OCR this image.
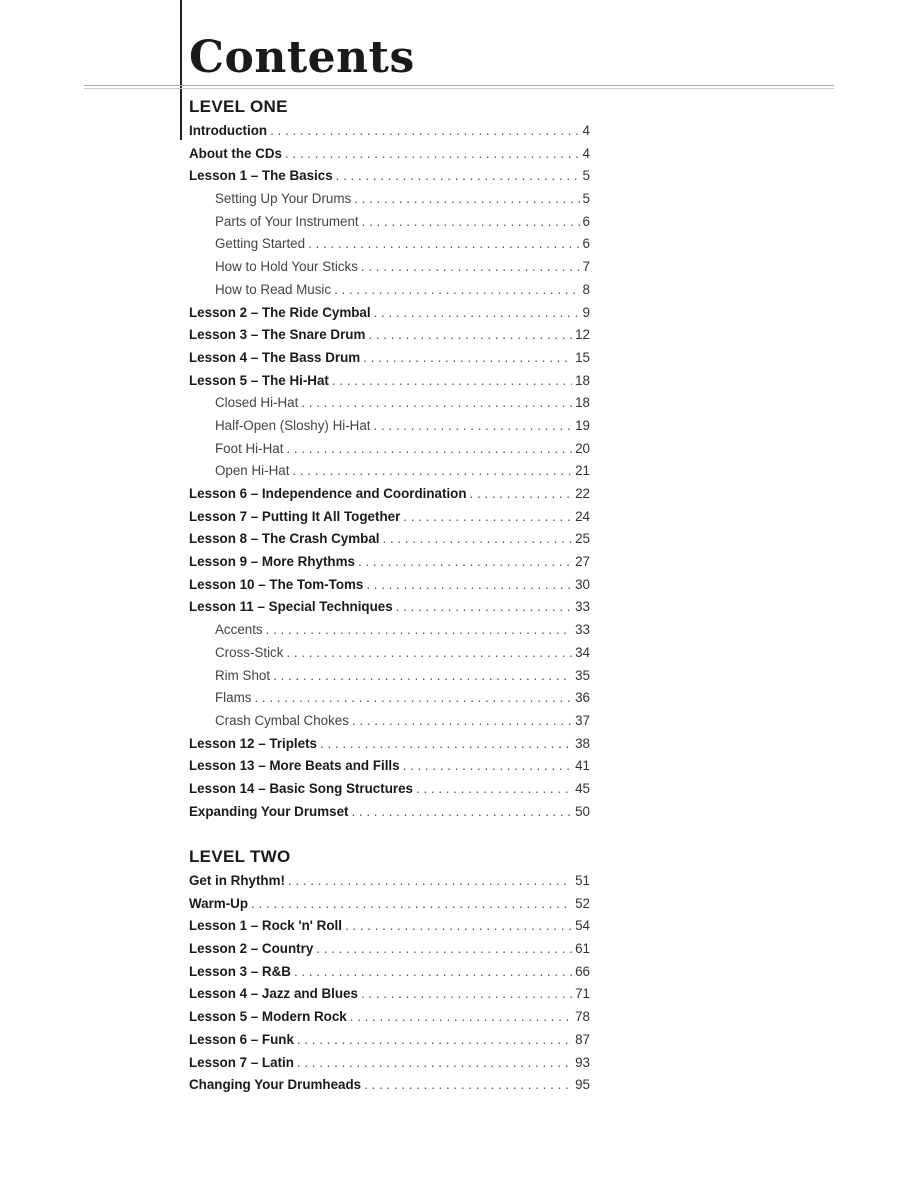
Contents
LEVEL ONE
Introduction . . .	4
About the CDs . . .	4
Lesson 1 – The Basics . . .	5
Setting Up Your Drums . . .	5
Parts of Your Instrument . . .	6
Getting Started . . .	6
How to Hold Your Sticks . . .	7
How to Read Music . . .	8
Lesson 2 – The Ride Cymbal . . .	9
Lesson 3 – The Snare Drum . . .	12
Lesson 4 – The Bass Drum . . .	15
Lesson 5 – The Hi-Hat . . .	18
Closed Hi-Hat . . .	18
Half-Open (Sloshy) Hi-Hat . . .	19
Foot Hi-Hat . . .	20
Open Hi-Hat . . .	21
Lesson 6 – Independence and Coordination . . .	22
Lesson 7 – Putting It All Together . . .	24
Lesson 8 – The Crash Cymbal . . .	25
Lesson 9 – More Rhythms . . .	27
Lesson 10 – The Tom-Toms . . .	30
Lesson 11 – Special Techniques . . .	33
Accents . . .	33
Cross-Stick . . .	34
Rim Shot . . .	35
Flams . . .	36
Crash Cymbal Chokes . . .	37
Lesson 12 – Triplets . . .	38
Lesson 13 – More Beats and Fills . . .	41
Lesson 14 – Basic Song Structures . . .	45
Expanding Your Drumset . . .	50
LEVEL TWO
Get in Rhythm! . . .	51
Warm-Up . . .	52
Lesson 1 – Rock 'n' Roll . . .	54
Lesson 2 – Country . . .	61
Lesson 3 – R&B . . .	66
Lesson 4 – Jazz and Blues . . .	71
Lesson 5 – Modern Rock . . .	78
Lesson 6 – Funk . . .	87
Lesson 7 – Latin . . .	93
Changing Your Drumheads . . .	95
